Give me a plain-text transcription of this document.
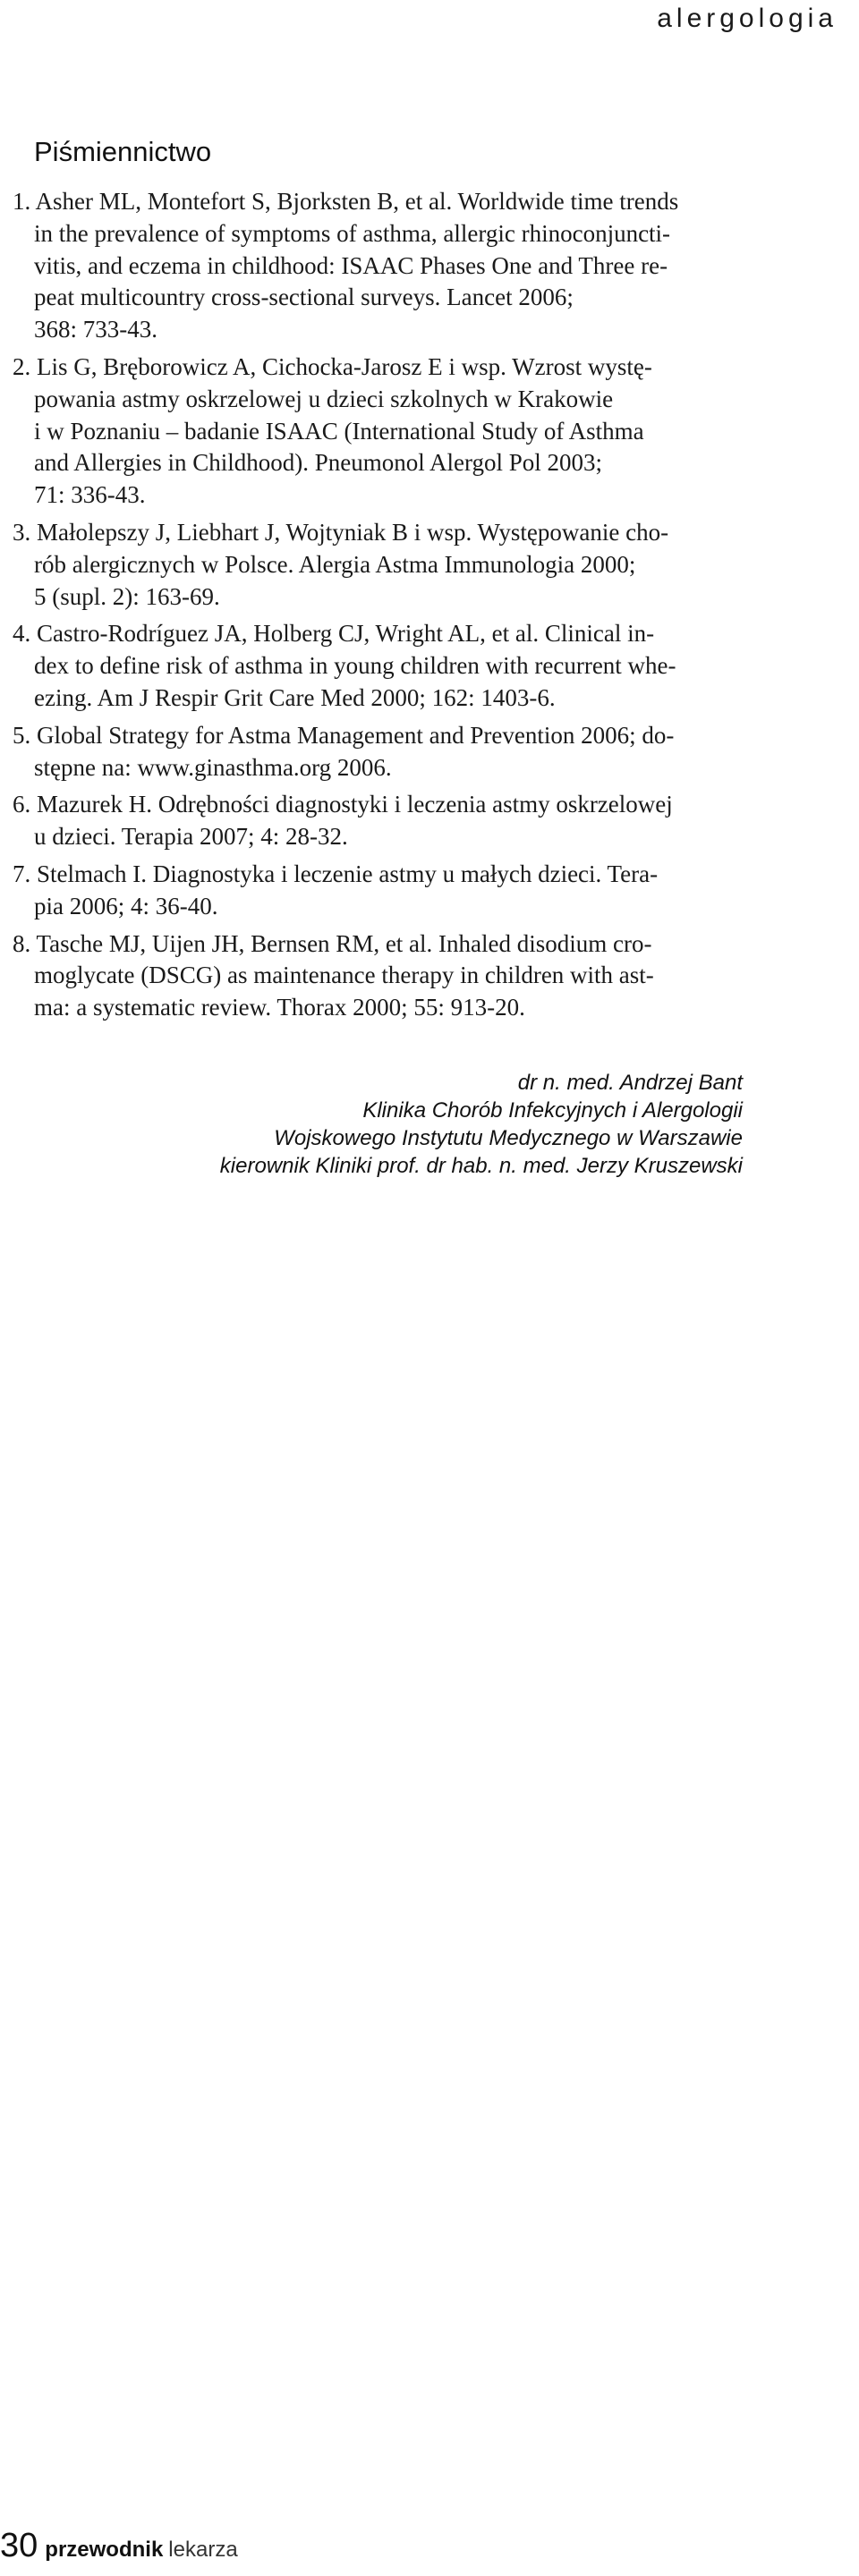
alergologia
Piśmiennictwo
1. Asher ML, Montefort S, Bjorksten B, et al. Worldwide time trends
in the prevalence of symptoms of asthma, allergic rhinoconjuncti-
vitis, and eczema in childhood: ISAAC Phases One and Three re-
peat multicountry cross-sectional surveys. Lancet 2006;
368: 733-43.
2. Lis G, Bręborowicz A, Cichocka-Jarosz E i wsp. Wzrost wystę-
powania astmy oskrzelowej u dzieci szkolnych w Krakowie
i w Poznaniu – badanie ISAAC (International Study of Asthma
and Allergies in Childhood). Pneumonol Alergol Pol 2003;
71: 336-43.
3. Małolepszy J, Liebhart J, Wojtyniak B i wsp. Występowanie cho-
rób alergicznych w Polsce. Alergia Astma Immunologia 2000;
5 (supl. 2): 163-69.
4. Castro-Rodríguez JA, Holberg CJ, Wright AL, et al. Clinical in-
dex to define risk of asthma in young children with recurrent whe-
ezing. Am J Respir Grit Care Med 2000; 162: 1403-6.
5. Global Strategy for Astma Management and Prevention 2006; do-
stępne na: www.ginasthma.org 2006.
6. Mazurek H. Odrębności diagnostyki i leczenia astmy oskrzelowej
u dzieci. Terapia 2007; 4: 28-32.
7. Stelmach I. Diagnostyka i leczenie astmy u małych dzieci. Tera-
pia 2006; 4: 36-40.
8. Tasche MJ, Uijen JH, Bernsen RM, et al. Inhaled disodium cro-
moglycate (DSCG) as maintenance therapy in children with ast-
ma: a systematic review. Thorax 2000; 55: 913-20.
dr n. med. Andrzej Bant
Klinika Chorób Infekcyjnych i Alergologii
Wojskowego Instytutu Medycznego w Warszawie
kierownik Kliniki prof. dr hab. n. med. Jerzy Kruszewski
30 przewodnik lekarza
